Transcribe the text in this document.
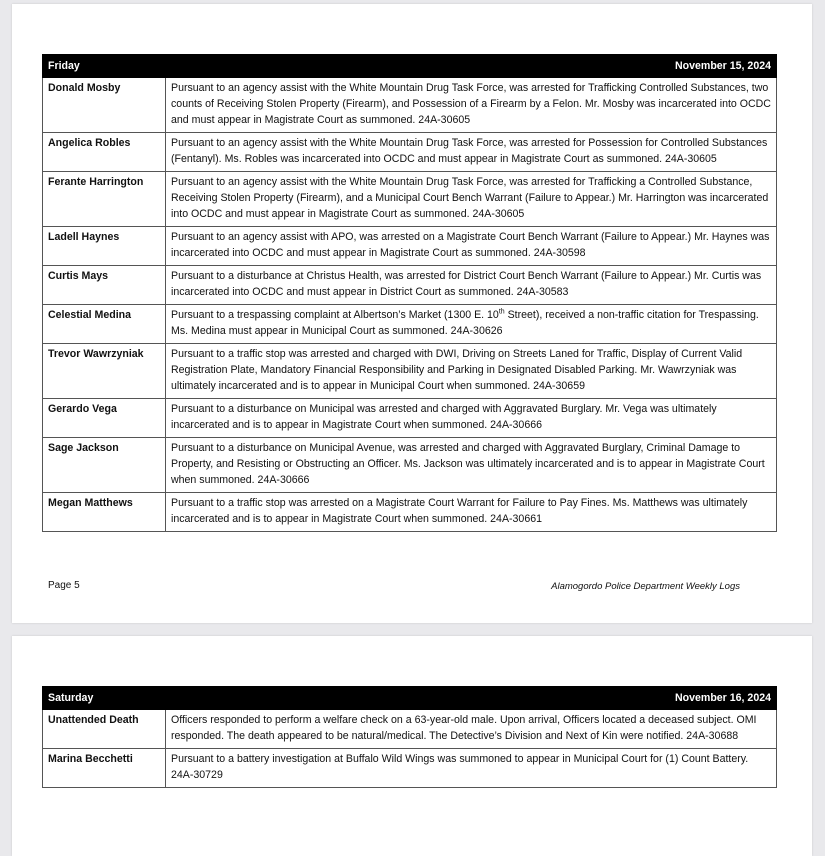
Friday	November 15, 2024
Donald Mosby	Pursuant to an agency assist with the White Mountain Drug Task Force, was arrested for Trafficking Controlled Substances, two counts of Receiving Stolen Property (Firearm), and Possession of a Firearm by a Felon. Mr. Mosby was incarcerated into OCDC and must appear in Magistrate Court as summoned. 24A-30605
Angelica Robles	Pursuant to an agency assist with the White Mountain Drug Task Force, was arrested for Possession for Controlled Substances (Fentanyl). Ms. Robles was incarcerated into OCDC and must appear in Magistrate Court as summoned. 24A-30605
Ferante Harrington	Pursuant to an agency assist with the White Mountain Drug Task Force, was arrested for Trafficking a Controlled Substance, Receiving Stolen Property (Firearm), and a Municipal Court Bench Warrant (Failure to Appear.) Mr. Harrington was incarcerated into OCDC and must appear in Magistrate Court as summoned. 24A-30605
Ladell Haynes	Pursuant to an agency assist with APO, was arrested on a Magistrate Court Bench Warrant (Failure to Appear.) Mr. Haynes was incarcerated into OCDC and must appear in Magistrate Court as summoned. 24A-30598
Curtis Mays	Pursuant to a disturbance at Christus Health, was arrested for District Court Bench Warrant (Failure to Appear.) Mr. Curtis was incarcerated into OCDC and must appear in District Court as summoned. 24A-30583
Celestial Medina	Pursuant to a trespassing complaint at Albertson’s Market (1300 E. 10th Street), received a non-traffic citation for Trespassing. Ms. Medina must appear in Municipal Court as summoned. 24A-30626
Trevor Wawrzyniak	Pursuant to a traffic stop was arrested and charged with DWI, Driving on Streets Laned for Traffic, Display of Current Valid Registration Plate, Mandatory Financial Responsibility and Parking in Designated Disabled Parking. Mr. Wawrzyniak was ultimately incarcerated and is to appear in Municipal Court when summoned. 24A-30659
Gerardo Vega	Pursuant to a disturbance on Municipal was arrested and charged with Aggravated Burglary. Mr. Vega was ultimately incarcerated and is to appear in Magistrate Court when summoned. 24A-30666
Sage Jackson	Pursuant to a disturbance on Municipal Avenue, was arrested and charged with Aggravated Burglary, Criminal Damage to Property, and Resisting or Obstructing an Officer. Ms. Jackson was ultimately incarcerated and is to appear in Magistrate Court when summoned. 24A-30666
Megan Matthews	Pursuant to a traffic stop was arrested on a Magistrate Court Warrant for Failure to Pay Fines. Ms. Matthews was ultimately incarcerated and is to appear in Magistrate Court when summoned. 24A-30661
Page 5	Alamogordo Police Department Weekly Logs
Saturday	November 16, 2024
Unattended Death	Officers responded to perform a welfare check on a 63-year-old male. Upon arrival, Officers located a deceased subject. OMI responded. The death appeared to be natural/medical. The Detective’s Division and Next of Kin were notified. 24A-30688
Marina Becchetti	Pursuant to a battery investigation at Buffalo Wild Wings was summoned to appear in Municipal Court for (1) Count Battery. 24A-30729
